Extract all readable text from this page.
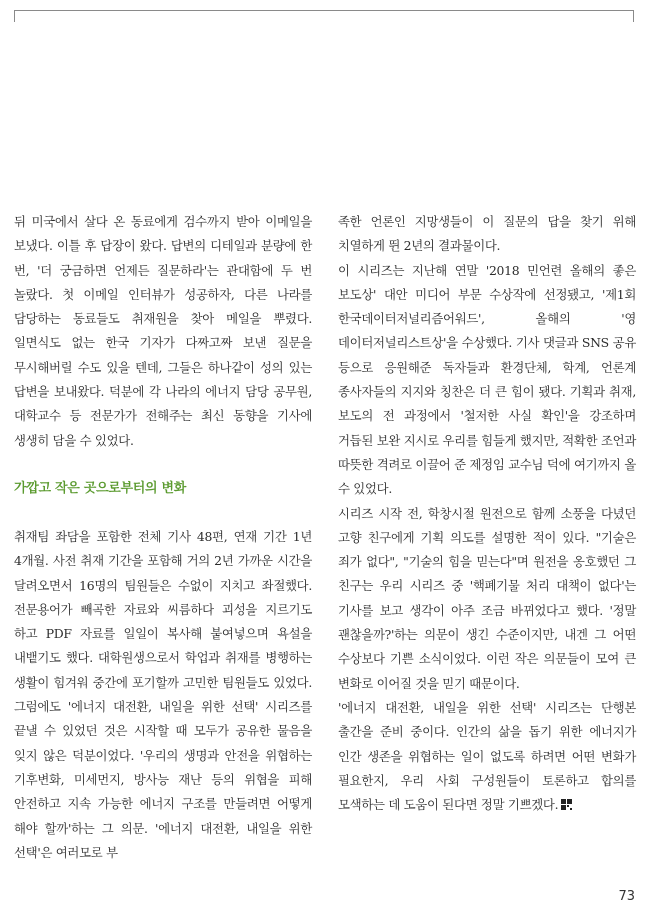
뒤 미국에서 살다 온 동료에게 검수까지 받아 이메일을 보냈다. 이틀 후 답장이 왔다. 답변의 디테일과 분량에 한 번, '더 궁금하면 언제든 질문하라'는 관대함에 두 번 놀랐다. 첫 이메일 인터뷰가 성공하자, 다른 나라를 담당하는 동료들도 취재원을 찾아 메일을 뿌렸다. 일면식도 없는 한국 기자가 다짜고짜 보낸 질문을 무시해버릴 수도 있을 텐데, 그들은 하나같이 성의 있는 답변을 보내왔다. 덕분에 각 나라의 에너지 담당 공무원, 대학교수 등 전문가가 전해주는 최신 동향을 기사에 생생히 담을 수 있었다.

가깝고 작은 곳으로부터의 변화

취재팀 좌담을 포함한 전체 기사 48편, 연재 기간 1년 4개월. 사전 취재 기간을 포함해 거의 2년 가까운 시간을 달려오면서 16명의 팀원들은 수없이 지치고 좌절했다. 전문용어가 빼곡한 자료와 씨름하다 괴성을 지르기도 하고 PDF 자료를 일일이 복사해 붙여넣으며 욕설을 내뱉기도 했다. 대학원생으로서 학업과 취재를 병행하는 생활이 힘겨워 중간에 포기할까 고민한 팀원들도 있었다. 그럼에도 '에너지 대전환, 내일을 위한 선택' 시리즈를 끝낼 수 있었던 것은 시작할 때 모두가 공유한 물음을 잊지 않은 덕분이었다. '우리의 생명과 안전을 위협하는 기후변화, 미세먼지, 방사능 재난 등의 위협을 피해 안전하고 지속 가능한 에너지 구조를 만들려면 어떻게 해야 할까'하는 그 의문. '에너지 대전환, 내일을 위한 선택'은 여러모로 부

족한 언론인 지망생들이 이 질문의 답을 찾기 위해 치열하게 뛴 2년의 결과물이다.

이 시리즈는 지난해 연말 '2018 민언련 올해의 좋은 보도상' 대안 미디어 부문 수상작에 선정됐고, '제1회 한국데이터저널리즘어워드', 올해의 '영 데이터저널리스트상'을 수상했다. 기사 댓글과 SNS 공유 등으로 응원해준 독자들과 환경단체, 학계, 언론계 종사자들의 지지와 칭찬은 더 큰 힘이 됐다. 기획과 취재, 보도의 전 과정에서 '철저한 사실 확인'을 강조하며 거듭된 보완 지시로 우리를 힘들게 했지만, 적확한 조언과 따뜻한 격려로 이끌어 준 제정임 교수님 덕에 여기까지 올 수 있었다.

시리즈 시작 전, 학창시절 원전으로 함께 소풍을 다녔던 고향 친구에게 기획 의도를 설명한 적이 있다. "기술은 죄가 없다", "기술의 힘을 믿는다"며 원전을 옹호했던 그 친구는 우리 시리즈 중 '핵폐기물 처리 대책이 없다'는 기사를 보고 생각이 아주 조금 바뀌었다고 했다. '정말 괜찮을까?'하는 의문이 생긴 수준이지만, 내겐 그 어떤 수상보다 기쁜 소식이었다. 이런 작은 의문들이 모여 큰 변화로 이어질 것을 믿기 때문이다.

'에너지 대전환, 내일을 위한 선택' 시리즈는 단행본 출간을 준비 중이다. 인간의 삶을 돕기 위한 에너지가 인간 생존을 위협하는 일이 없도록 하려면 어떤 변화가 필요한지, 우리 사회 구성원들이 토론하고 합의를 모색하는 데 도움이 된다면 정말 기쁘겠다.

73
